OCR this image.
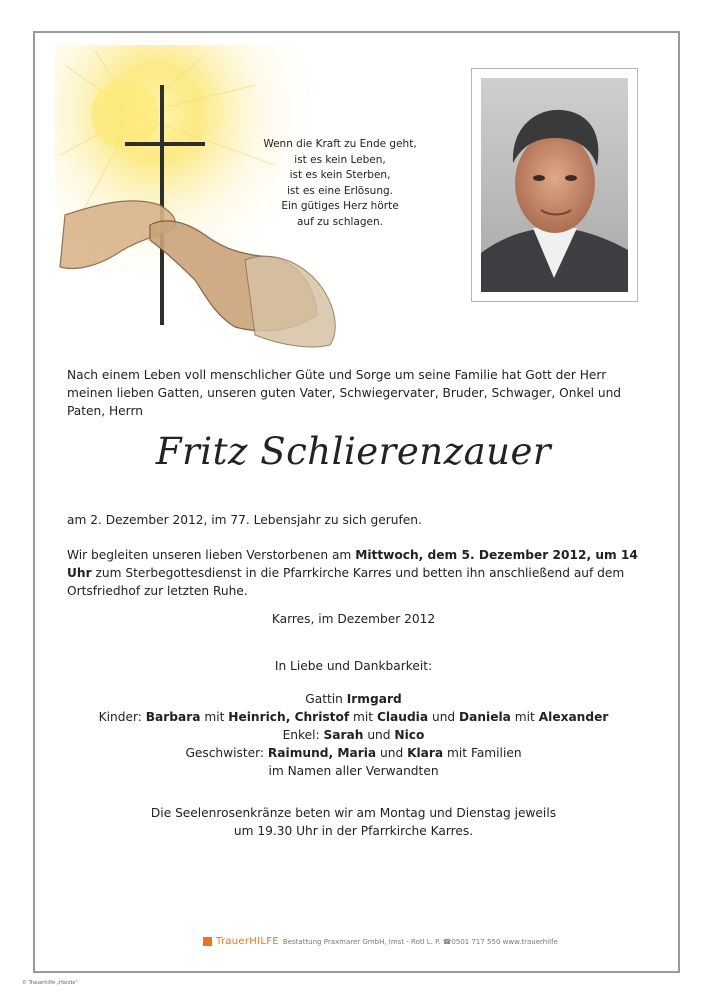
Wenn die Kraft zu Ende geht,
ist es kein Leben,
ist es kein Sterben,
ist es eine Erlösung.
Ein gütiges Herz hörte
auf zu schlagen.
Nach einem Leben voll menschlicher Güte und Sorge um seine Familie hat Gott der Herr meinen lieben Gatten, unseren guten Vater, Schwiegervater, Bruder, Schwager, Onkel und Paten, Herrn
Fritz Schlierenzauer
am 2. Dezember 2012, im 77. Lebensjahr zu sich gerufen.
Wir begleiten unseren lieben Verstorbenen am Mittwoch, dem 5. Dezember 2012, um 14 Uhr zum Sterbegottesdienst in die Pfarrkirche Karres und betten ihn anschließend auf dem Ortsfriedhof zur letzten Ruhe.
Karres, im Dezember 2012
In Liebe und Dankbarkeit:
Gattin Irmgard
Kinder: Barbara mit Heinrich, Christof mit Claudia und Daniela mit Alexander
Enkel: Sarah und Nico
Geschwister: Raimund, Maria und Klara mit Familien
im Namen aller Verwandten
Die Seelenrosenkränze beten wir am Montag und Dienstag jeweils
um 19.30 Uhr in der Pfarrkirche Karres.
TrauerHILFE Bestattung Praxmarer GmbH, Imst - Rotl L. P. ☎0501 717 550 www.trauerhilfe
© Trauerhilfe „Hände“
